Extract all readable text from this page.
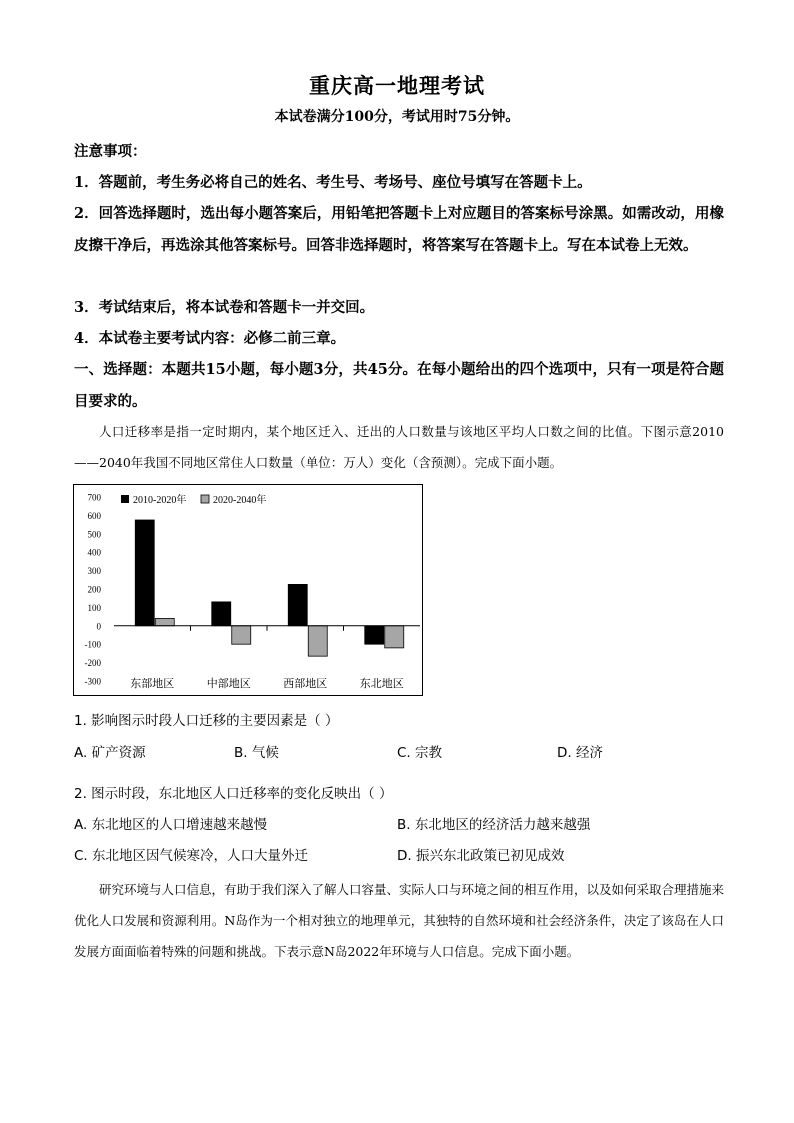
重庆高一地理考试
本试卷满分100分，考试用时75分钟。
注意事项：
1．答题前，考生务必将自己的姓名、考生号、考场号、座位号填写在答题卡上。
2．回答选择题时，选出每小题答案后，用铅笔把答题卡上对应题目的答案标号涂黑。如需改动，用橡皮擦干净后，再选涂其他答案标号。回答非选择题时，将答案写在答题卡上。写在本试卷上无效。
3．考试结束后，将本试卷和答题卡一并交回。
4．本试卷主要考试内容：必修二前三章。
一、选择题：本题共15小题，每小题3分，共45分。在每小题给出的四个选项中，只有一项是符合题目要求的。
人口迁移率是指一定时期内，某个地区迁入、迁出的人口数量与该地区平均人口数之间的比值。下图示意2010——2040年我国不同地区常住人口数量（单位：万人）变化（含预测）。完成下面小题。
2010-2020年	2020-2040年
700
600
500
400
300
200
100
0
-100
-200
-300	东部地区	中部地区	西部地区	东北地区
1. 影响图示时段人口迁移的主要因素是（ ）
A. 矿产资源	B. 气候	C. 宗教	D. 经济
2. 图示时段，东北地区人口迁移率的变化反映出（ ）
A. 东北地区的人口增速越来越慢	B. 东北地区的经济活力越来越强
C. 东北地区因气候寒冷，人口大量外迁	D. 振兴东北政策已初见成效
研究环境与人口信息，有助于我们深入了解人口容量、实际人口与环境之间的相互作用，以及如何采取合理措施来优化人口发展和资源利用。N岛作为一个相对独立的地理单元，其独特的自然环境和社会经济条件，决定了该岛在人口发展方面面临着特殊的问题和挑战。下表示意N岛2022年环境与人口信息。完成下面小题。
